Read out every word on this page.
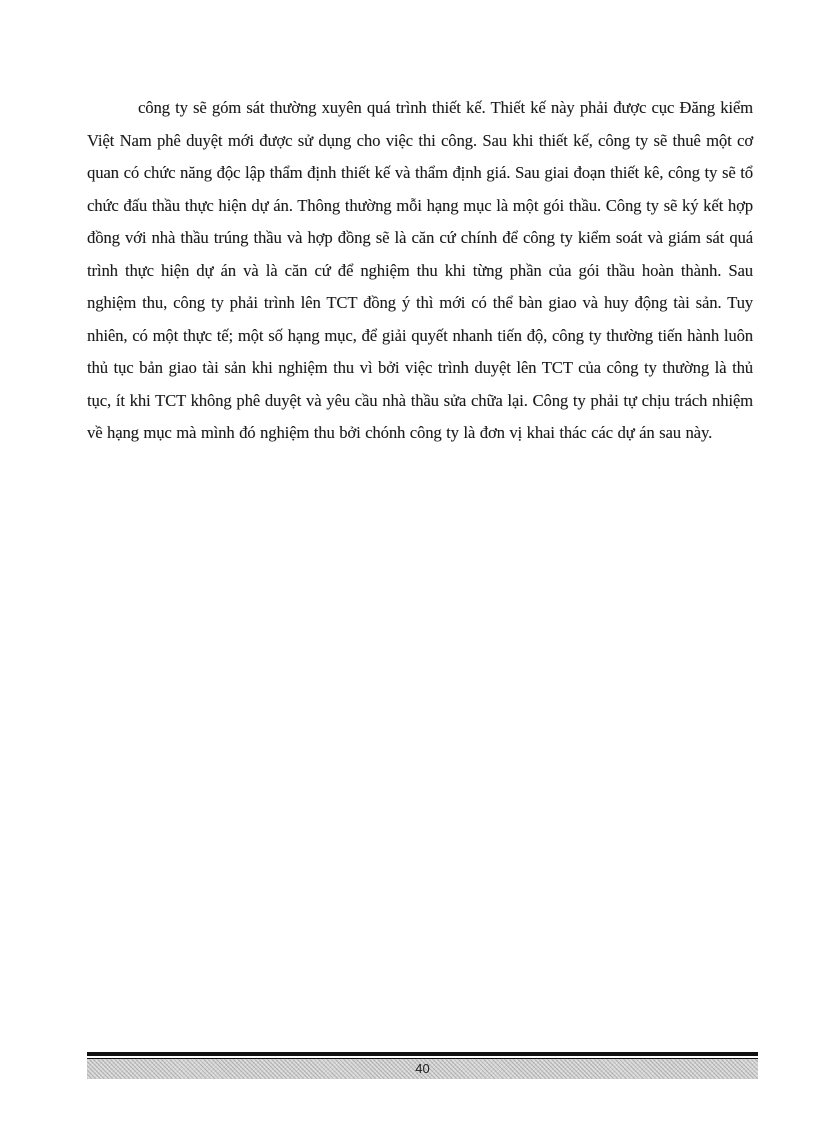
công ty sẽ góm sát thường xuyên quá trình thiết kế. Thiết kế này phải được cục Đăng kiểm Việt Nam phê duyệt mới được sử dụng cho việc thi công. Sau khi thiết kế, công ty sẽ thuê một cơ quan có chức năng độc lập thẩm định thiết kế và thẩm định giá. Sau giai đoạn thiết kê, công ty sẽ tổ chức đấu thầu thực hiện dự án. Thông thường mỗi hạng mục là một gói thầu. Công ty sẽ ký kết hợp đồng với nhà thầu trúng thầu và hợp đồng sẽ là căn cứ chính để công ty kiểm soát và giám sát quá trình thực hiện dự án và là căn cứ để nghiệm thu khi từng phần của gói thầu hoàn thành. Sau nghiệm thu, công ty phải trình lên TCT đồng ý thì mới có thể bàn giao và huy động tài sản. Tuy nhiên, có một thực tế; một số hạng mục, để giải quyết nhanh tiến độ, công ty thường tiến hành luôn thủ tục bản giao tài sản khi nghiệm thu vì bởi việc trình duyệt lên TCT của công ty thường là thủ tục, ít khi TCT không phê duyệt và yêu cầu nhà thầu sửa chữa lại. Công ty phải tự chịu trách nhiệm về hạng mục mà mình đó nghiệm thu bởi chónh công ty là đơn vị khai thác các dự án sau này.

40
